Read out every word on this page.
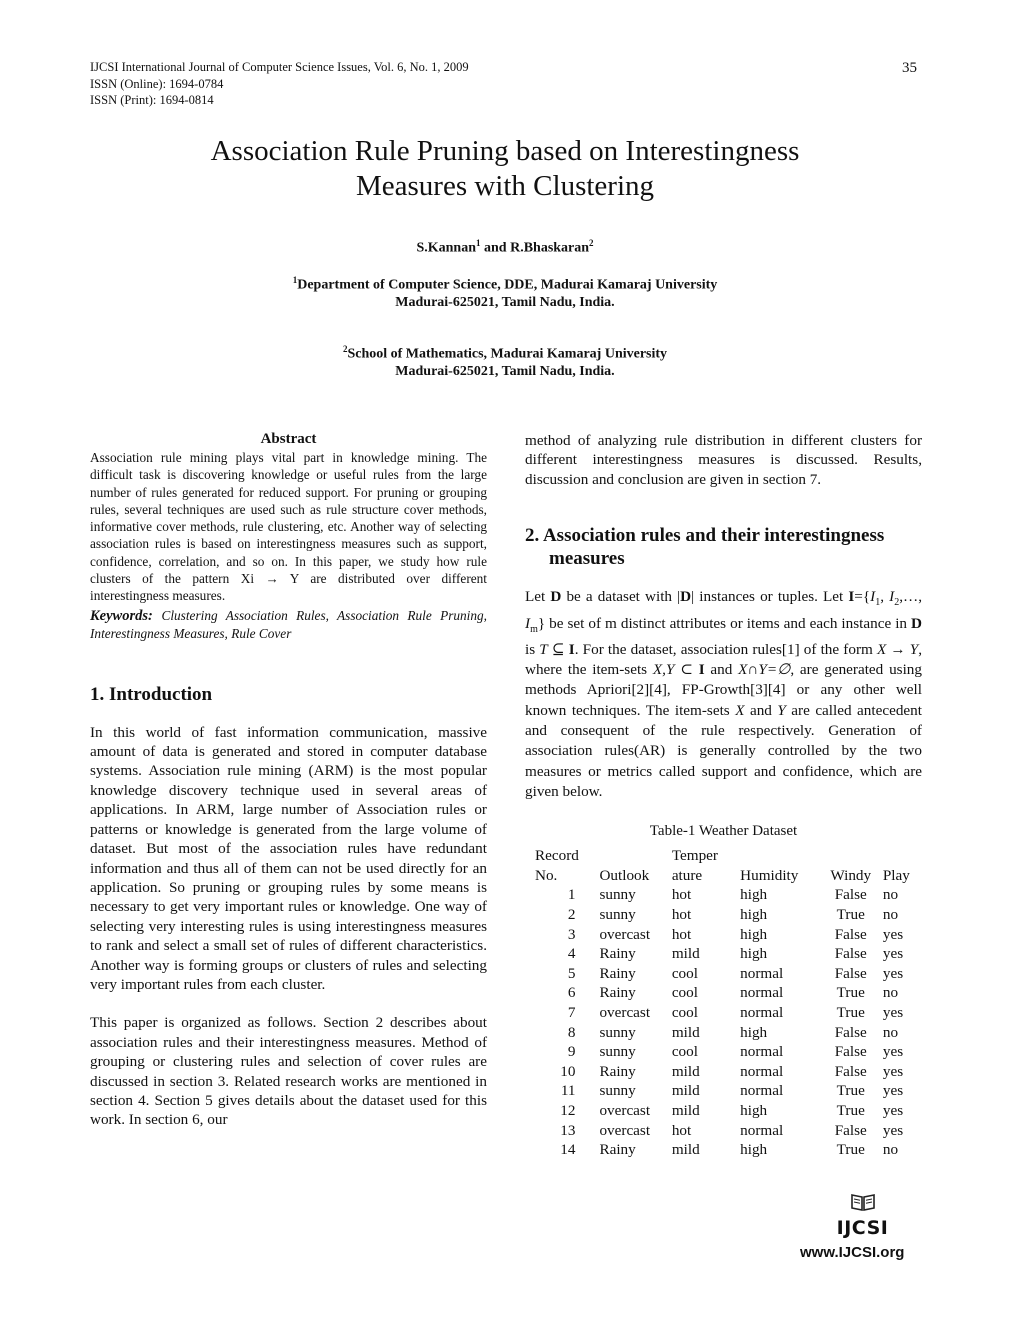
IJCSI International Journal of Computer Science Issues, Vol. 6, No. 1, 2009
ISSN (Online): 1694-0784
ISSN (Print): 1694-0814
35
Association Rule Pruning based on Interestingness
Measures with Clustering
S.Kannan$^1$ and R.Bhaskaran$^2$
$^1$Department of Computer Science, DDE, Madurai Kamaraj University
Madurai-625021, Tamil Nadu, India.
$^2$School of Mathematics, Madurai Kamaraj University
Madurai-625021, Tamil Nadu, India.
Abstract

Association rule mining plays vital part in knowledge mining. The difficult task is discovering knowledge or useful rules from the large number of rules generated for reduced support. For pruning or grouping rules, several techniques are used such as rule structure cover methods, informative cover methods, rule clustering, etc. Another way of selecting association rules is based on interestingness measures such as support, confidence, correlation, and so on. In this paper, we study how rule clusters of the pattern Xi → Y are distributed over different interestingness measures.

Keywords: Clustering Association Rules, Association Rule Pruning, Interestingness Measures, Rule Cover

1. Introduction

In this world of fast information communication, massive amount of data is generated and stored in computer database systems. Association rule mining (ARM) is the most popular knowledge discovery technique used in several areas of applications. In ARM, large number of Association rules or patterns or knowledge is generated from the large volume of dataset. But most of the association rules have redundant information and thus all of them can not be used directly for an application. So pruning or grouping rules by some means is necessary to get very important rules or knowledge. One way of selecting very interesting rules is using interestingness measures to rank and select a small set of rules of different characteristics. Another way is forming groups or clusters of rules and selecting very important rules from each cluster.

This paper is organized as follows. Section 2 describes about association rules and their interestingness measures. Method of grouping or clustering rules and selection of cover rules are discussed in section 3. Related research works are mentioned in section 4. Section 5 gives details about the dataset used for this work. In section 6, our

method of analyzing rule distribution in different clusters for different interestingness measures is discussed. Results, discussion and conclusion are given in section 7.

2. Association rules and their interestingness
measures

Let D be a dataset with |D| instances or tuples. Let $I=\{I_1$, $I_2,\dots$, $I_m$} be set of m distinct attributes or items and each instance in D is T ⊆ I. For the dataset, association rules[1] of the form X → Y, where the item-sets X,Y ⊂ I and X∩Y=∅, are generated using methods Apriori[2][4], FP-Growth[3][4] or any other well known techniques. The item-sets X and Y are called antecedent and consequent of the rule respectively. Generation of association rules(AR) is generally controlled by the two measures or metrics called support and confidence, which are given below.

Table-1 Weather Dataset

Record		Temper			
No.	Outlook	ature	Humidity	Windy	Play
1	sunny	hot	high	False	no
2	sunny	hot	high	True	no
3	overcast	hot	high	False	yes
4	Rainy	mild	high	False	yes
5	Rainy	cool	normal	False	yes
6	Rainy	cool	normal	True	no
7	overcast	cool	normal	True	yes
8	sunny	mild	high	False	no
9	sunny	cool	normal	False	yes
10	Rainy	mild	normal	False	yes
11	sunny	mild	normal	True	yes
12	overcast	mild	high	True	yes
13	overcast	hot	normal	False	yes
14	Rainy	mild	high	True	no
IJCSI
www.IJCSI.org
